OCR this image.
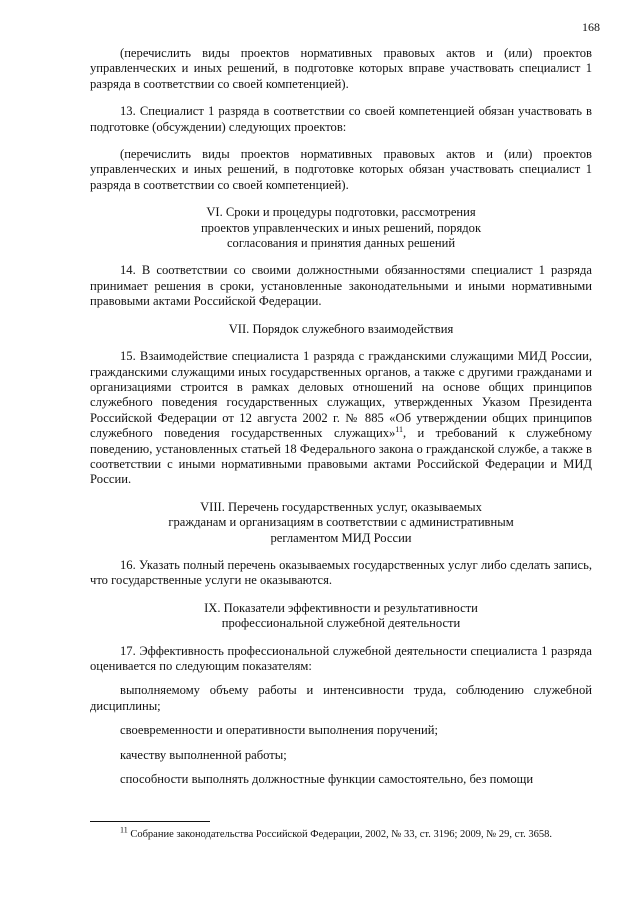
168

(перечислить виды проектов нормативных правовых актов и (или) проектов управленческих и иных решений, в подготовке которых вправе участвовать специалист 1 разряда в соответствии со своей компетенцией).

13. Специалист 1 разряда в соответствии со своей компетенцией обязан участвовать в подготовке (обсуждении) следующих проектов:

(перечислить виды проектов нормативных правовых актов и (или) проектов управленческих и иных решений, в подготовке которых обязан участвовать специалист 1 разряда в соответствии со своей компетенцией).

VI. Сроки и процедуры подготовки, рассмотрения
проектов управленческих и иных решений, порядок
согласования и принятия данных решений

14. В соответствии со своими должностными обязанностями специалист 1 разряда принимает решения в сроки, установленные законодательными и иными нормативными правовыми актами Российской Федерации.

VII. Порядок служебного взаимодействия

15. Взаимодействие специалиста 1 разряда с гражданскими служащими МИД России, гражданскими служащими иных государственных органов, а также с другими гражданами и организациями строится в рамках деловых отношений на основе общих принципов служебного поведения государственных служащих, утвержденных Указом Президента Российской Федерации от 12 августа 2002 г. № 885 «Об утверждении общих принципов служебного поведения государственных служащих»$^{11}$, и требований к служебному поведению, установленных статьей 18 Федерального закона о гражданской службе, а также в соответствии с иными нормативными правовыми актами Российской Федерации и МИД России.

VIII. Перечень государственных услуг, оказываемых
гражданам и организациям в соответствии с административным
регламентом МИД России

16. Указать полный перечень оказываемых государственных услуг либо сделать запись, что государственные услуги не оказываются.

IX. Показатели эффективности и результативности
профессиональной служебной деятельности

17. Эффективность профессиональной служебной деятельности специалиста 1 разряда оценивается по следующим показателям:

выполняемому объему работы и интенсивности труда, соблюдению служебной дисциплины;

своевременности и оперативности выполнения поручений;

качеству выполненной работы;

способности выполнять должностные функции самостоятельно, без помощи

$^{11}$ Собрание законодательства Российской Федерации, 2002, № 33, ст. 3196; 2009, № 29, ст. 3658.
